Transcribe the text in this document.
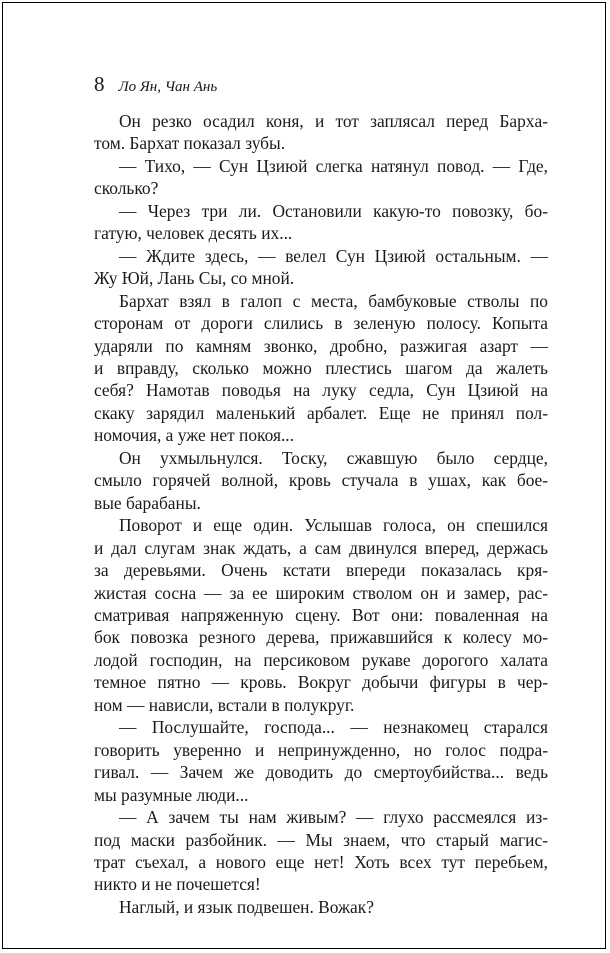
8 Ло Ян, Чан Ань
Он резко осадил коня, и тот заплясал перед Бархa-
том. Бархат показал зубы.
— Тихо, — Сун Цзиюй слегка натянул повод. — Где,
сколько?
— Через три ли. Остановили какую-то повозку, бо-
гатую, человек десять их...
— Ждите здесь, — велел Сун Цзиюй остальным. —
Жу Юй, Лань Сы, со мной.
Бархат взял в галоп с места, бамбуковые стволы по
сторонам от дороги слились в зеленую полосу. Копыта
ударяли по камням звонко, дробно, разжигая азарт —
и вправду, сколько можно плестись шагом да жалеть
себя? Намотав поводья на луку седла, Сун Цзиюй на
скаку зарядил маленький арбалет. Еще не принял пол-
номочия, а уже нет покоя...
Он ухмыльнулся. Тоску, сжавшую было сердце,
смыло горячей волной, кровь стучала в ушах, как боe-
вые барабаны.
Поворот и еще один. Услышав голоса, он спешился
и дал слугам знак ждать, а сам двинулся вперед, держась
за деревьями. Очень кстати впереди показалась кря-
жистая сосна — за ее широким стволом он и замер, рас-
сматривая напряженную сцену. Вот они: поваленная на
бок повозка резного дерева, прижавшийся к колесу мо-
лодой господин, на персиковом рукаве дорогого халата
темное пятно — кровь. Вокруг добычи фигуры в чер-
ном — нависли, встали в полукруг.
— Послушайте, господа... — незнакомец старался
говорить уверенно и непринужденно, но голос подра-
гивал. — Зачем же доводить до смертоубийства... ведь
мы разумные люди...
— А зачем ты нам живым? — глухо рассмеялся из-
под маски разбойник. — Мы знаем, что старый магис-
трат съехал, а нового еще нет! Хоть всех тут перебьем,
никто и не почешется!
Наглый, и язык подвешен. Вожак?
